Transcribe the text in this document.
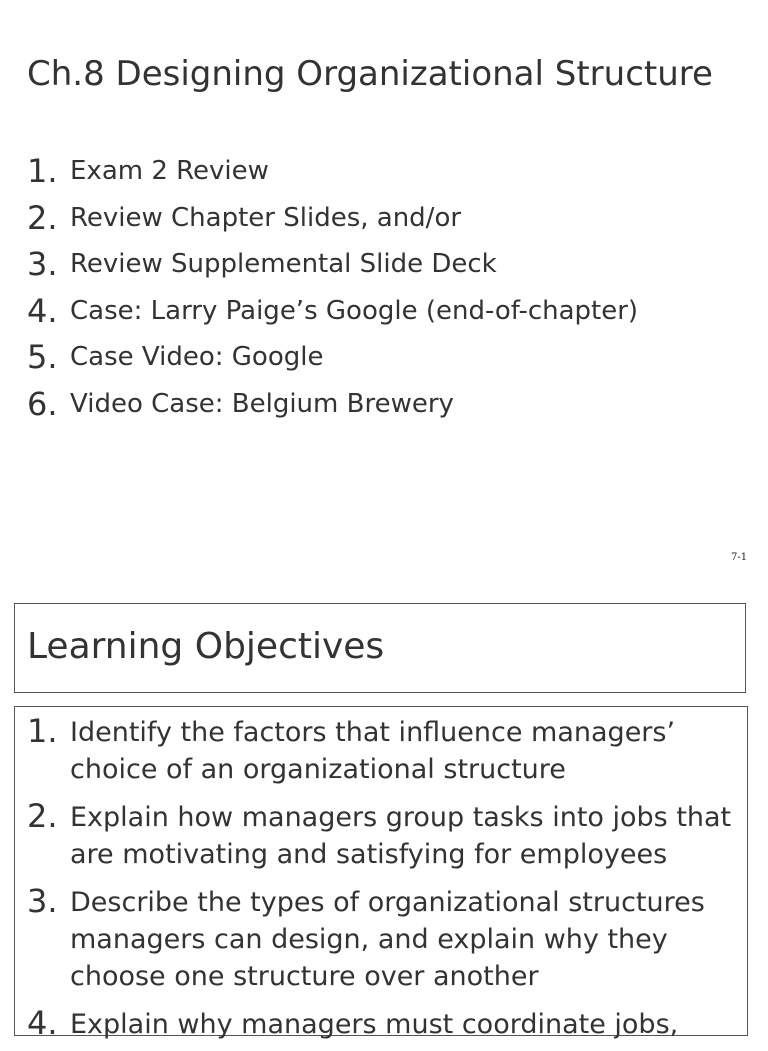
Ch.8 Designing Organizational Structure
1. Exam 2 Review
2. Review Chapter Slides, and/or
3. Review Supplemental Slide Deck
4. Case: Larry Paige’s Google (end-of-chapter)
5. Case Video: Google
6. Video Case: Belgium Brewery
7-1
Learning Objectives
1. Identify the factors that influence managers’ choice of an organizational structure
2. Explain how managers group tasks into jobs that are motivating and satisfying for employees
3. Describe the types of organizational structures managers can design, and explain why they choose one structure over another
4. Explain why managers must coordinate jobs,
